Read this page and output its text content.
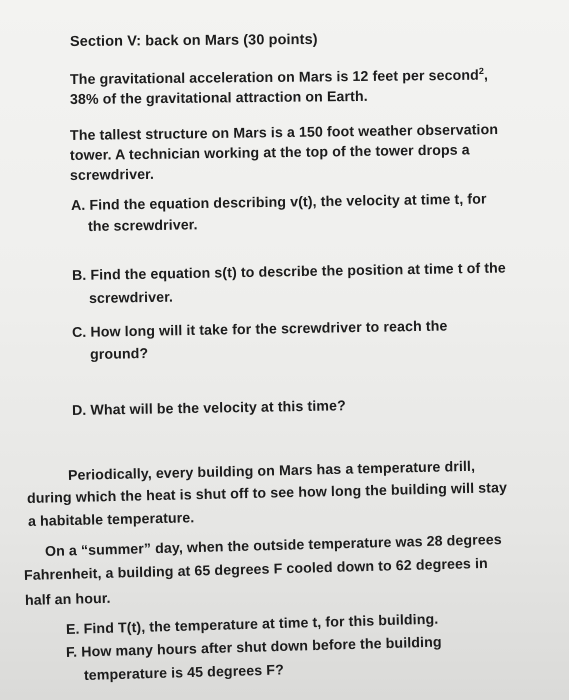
Section V: back on Mars (30 points)
The gravitational acceleration on Mars is 12 feet per second$^2$,
38% of the gravitational attraction on Earth.
The tallest structure on Mars is a 150 foot weather observation
tower. A technician working at the top of the tower drops a
screwdriver.
A. Find the equation describing v(t), the velocity at time t, for
the screwdriver.
B. Find the equation s(t) to describe the position at time t of the
screwdriver.
C. How long will it take for the screwdriver to reach the
ground?
D. What will be the velocity at this time?
Periodically, every building on Mars has a temperature drill,
during which the heat is shut off to see how long the building will stay
a habitable temperature.
On a “summer” day, when the outside temperature was 28 degrees
Fahrenheit, a building at 65 degrees F cooled down to 62 degrees in
half an hour.
E. Find T(t), the temperature at time t, for this building.
F. How many hours after shut down before the building
temperature is 45 degrees F?
